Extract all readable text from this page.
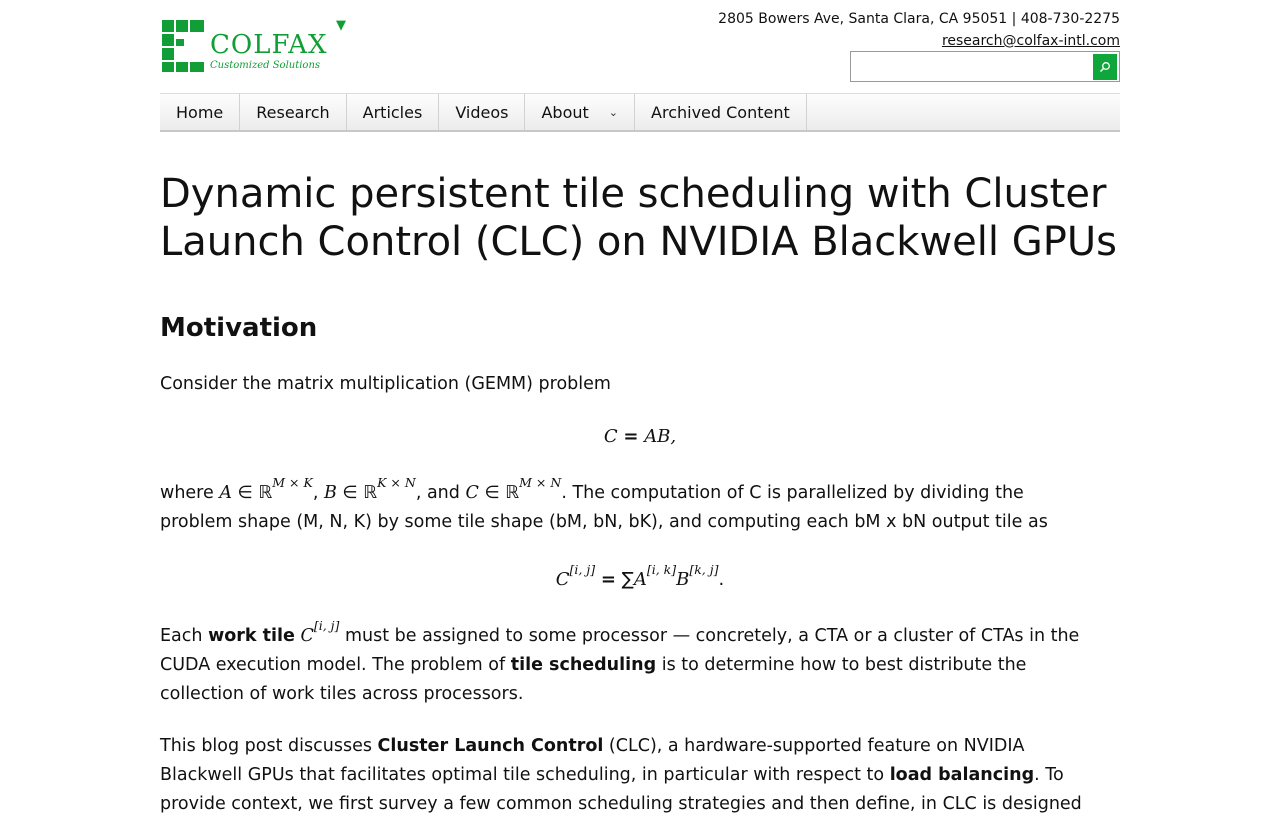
COLFAX
Customized Solutions
▼	2805 Bowers Ave, Santa Clara, CA 95051 | 408-730-2275
research@colfax-intl.com
Home Research Articles Videos About ⌄ Archived Content
Dynamic persistent tile scheduling with Cluster Launch Control (CLC) on NVIDIA Blackwell GPUs
Motivation

Consider the matrix multiplication (GEMM) problem

C = AB,
where A ∈ ℝ$^{M \times K}$, B ∈ ℝ$^{K \times N}$, and C ∈ ℝ$^{M \times N}$. The computation of C is parallelized by dividing the
problem shape (M, N, K) by some tile shape (bM, bN, bK), and computing each bM x bN output tile as
C[i, j] = ∑A[i, k]B[k, j].
Each work tile C[i, j] must be assigned to some processor — concretely, a CTA or a cluster of CTAs in the
CUDA execution model. The problem of tile scheduling is to determine how to best distribute the
collection of work tiles across processors.
This blog post discusses Cluster Launch Control (CLC), a hardware-supported feature on NVIDIA
Blackwell GPUs that facilitates optimal tile scheduling, in particular with respect to load balancing. To
provide context, we first survey a few common scheduling strategies and then define, in CLC is designed
